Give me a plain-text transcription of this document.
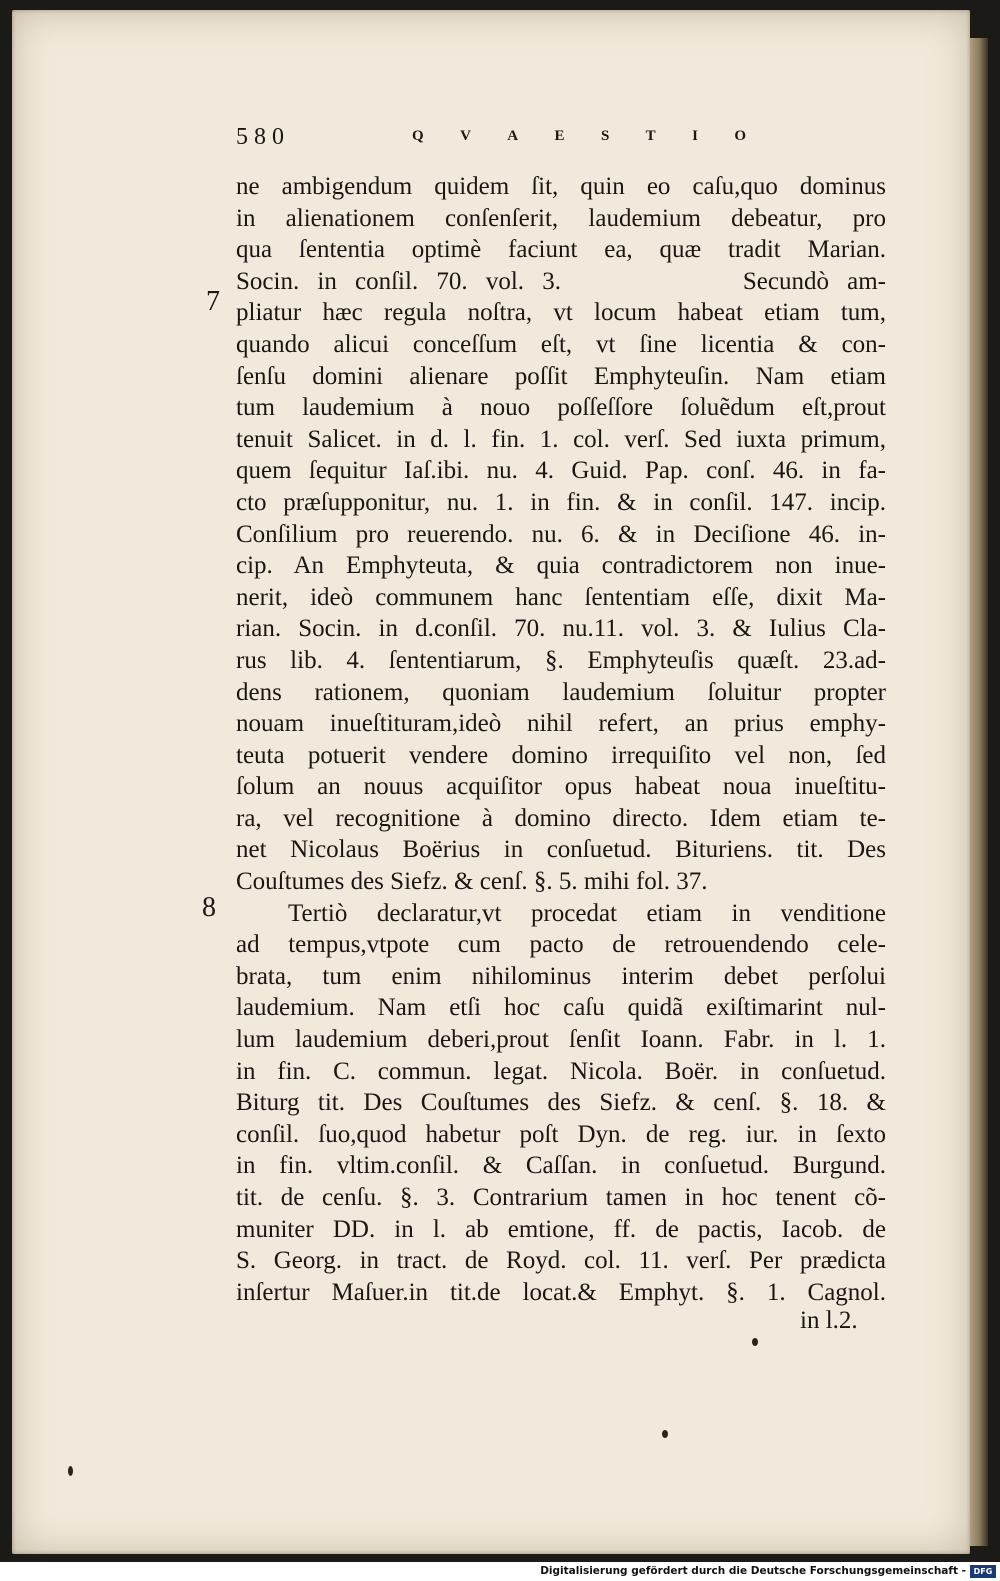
580	Q V A E S T I O
7
8
ne ambigendum quidem ſit, quin eo caſu,quo dominus
in alienationem conſenſerit, laudemium debeatur, pro
qua ſententia optimè faciunt ea, quæ tradit Marian.
Socin. in conſil. 70. vol. 3.          Secundò am-
pliatur hæc regula noſtra, vt locum habeat etiam tum,
quando alicui conceſſum eſt, vt ſine licentia & con-
ſenſu domini alienare poſſit Emphyteuſin. Nam etiam
tum laudemium à nouo poſſeſſore ſoluẽdum eſt,prout
tenuit Salicet. in d. l. fin. 1. col. verſ. Sed iuxta primum,
quem ſequitur Iaſ.ibi. nu. 4. Guid. Pap. conſ. 46. in fa-
cto præſupponitur, nu. 1. in fin. & in conſil. 147. incip.
Conſilium pro reuerendo. nu. 6. & in Deciſione 46. in-
cip. An Emphyteuta, & quia contradictorem non inue-
nerit, ideò communem hanc ſententiam eſſe, dixit Ma-
rian. Socin. in d.conſil. 70. nu.11. vol. 3. & Iulius Cla-
rus lib. 4. ſententiarum, §. Emphyteuſis quæſt. 23.ad-
dens rationem, quoniam laudemium ſoluitur propter
nouam inueſtituram,ideò nihil refert, an prius emphy-
teuta potuerit vendere domino irrequiſito vel non, ſed
ſolum an nouus acquiſitor opus habeat noua inueſtitu-
ra, vel recognitione à domino directo. Idem etiam te-
net Nicolaus Boërius in conſuetud. Bituriens. tit. Des
Couſtumes des Siefz. & cenſ. §. 5. mihi fol. 37.
Tertiò declaratur,vt procedat etiam in venditione
ad tempus,vtpote cum pacto de retrouendendo cele-
brata, tum enim nihilominus interim debet perſolui
laudemium. Nam etſi hoc caſu quidã exiſtimarint nul-
lum laudemium deberi,prout ſenſit Ioann. Fabr. in l. 1.
in fin. C. commun. legat. Nicola. Boër. in conſuetud.
Biturg tit. Des Couſtumes des Siefz. & cenſ. §. 18. &
conſil. ſuo,quod habetur poſt Dyn. de reg. iur. in ſexto
in fin. vltim.conſil. & Caſſan. in conſuetud. Burgund.
tit. de cenſu. §. 3. Contrarium tamen in hoc tenent cõ-
muniter DD. in l. ab emtione, ff. de pactis, Iacob. de
S. Georg. in tract. de Royd. col. 11. verſ. Per prædicta
inſertur Maſuer.in tit.de locat.& Emphyt. §. 1. Cagnol.
in l.2.
Digitalisierung gefördert durch die Deutsche Forschungsgemeinschaft - DFG
